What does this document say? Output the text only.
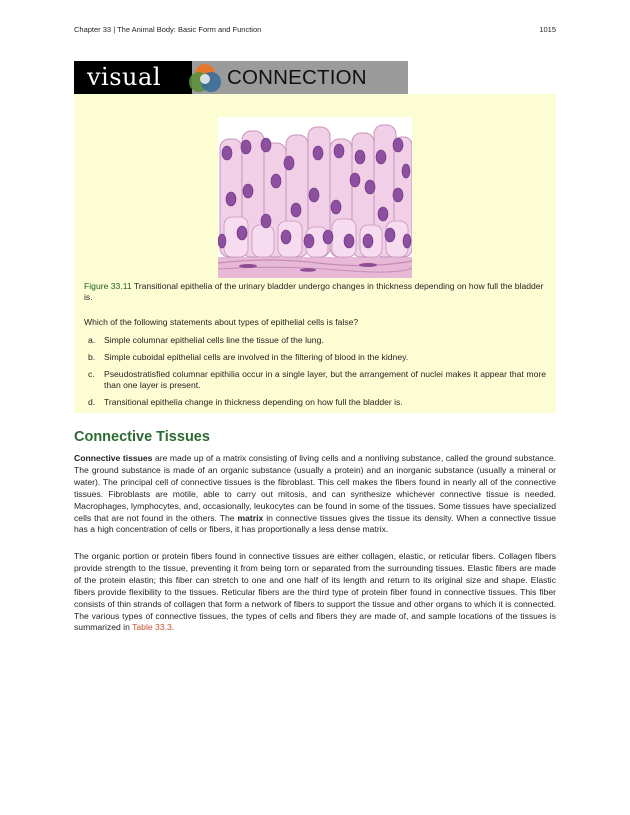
Chapter 33 | The Animal Body: Basic Form and Function	1015
visual	CONNECTION
Figure 33.11 Transitional epithelia of the urinary bladder undergo changes in thickness depending on how full the bladder is.
Which of the following statements about types of epithelial cells is false?
a.	Simple columnar epithelial cells line the tissue of the lung.
b.	Simple cuboidal epithelial cells are involved in the filtering of blood in the kidney.
c.	Pseudostratisfied columnar epithilia occur in a single layer, but the arrangement of nuclei makes it appear that more than one layer is present.
d.	Transitional epithelia change in thickness depending on how full the bladder is.
Connective Tissues

Connective tissues are made up of a matrix consisting of living cells and a nonliving substance, called the ground substance. The ground substance is made of an organic substance (usually a protein) and an inorganic substance (usually a mineral or water). The principal cell of connective tissues is the fibroblast. This cell makes the fibers found in nearly all of the connective tissues. Fibroblasts are motile, able to carry out mitosis, and can synthesize whichever connective tissue is needed. Macrophages, lymphocytes, and, occasionally, leukocytes can be found in some of the tissues. Some tissues have specialized cells that are not found in the others. The matrix in connective tissues gives the tissue its density. When a connective tissue has a high concentration of cells or fibers, it has proportionally a less dense matrix.

The organic portion or protein fibers found in connective tissues are either collagen, elastic, or reticular fibers. Collagen fibers provide strength to the tissue, preventing it from being torn or separated from the surrounding tissues. Elastic fibers are made of the protein elastin; this fiber can stretch to one and one half of its length and return to its original size and shape. Elastic fibers provide flexibility to the tissues. Reticular fibers are the third type of protein fiber found in connective tissues. This fiber consists of thin strands of collagen that form a network of fibers to support the tissue and other organs to which it is connected. The various types of connective tissues, the types of cells and fibers they are made of, and sample locations of the tissues is summarized in Table 33.3.
